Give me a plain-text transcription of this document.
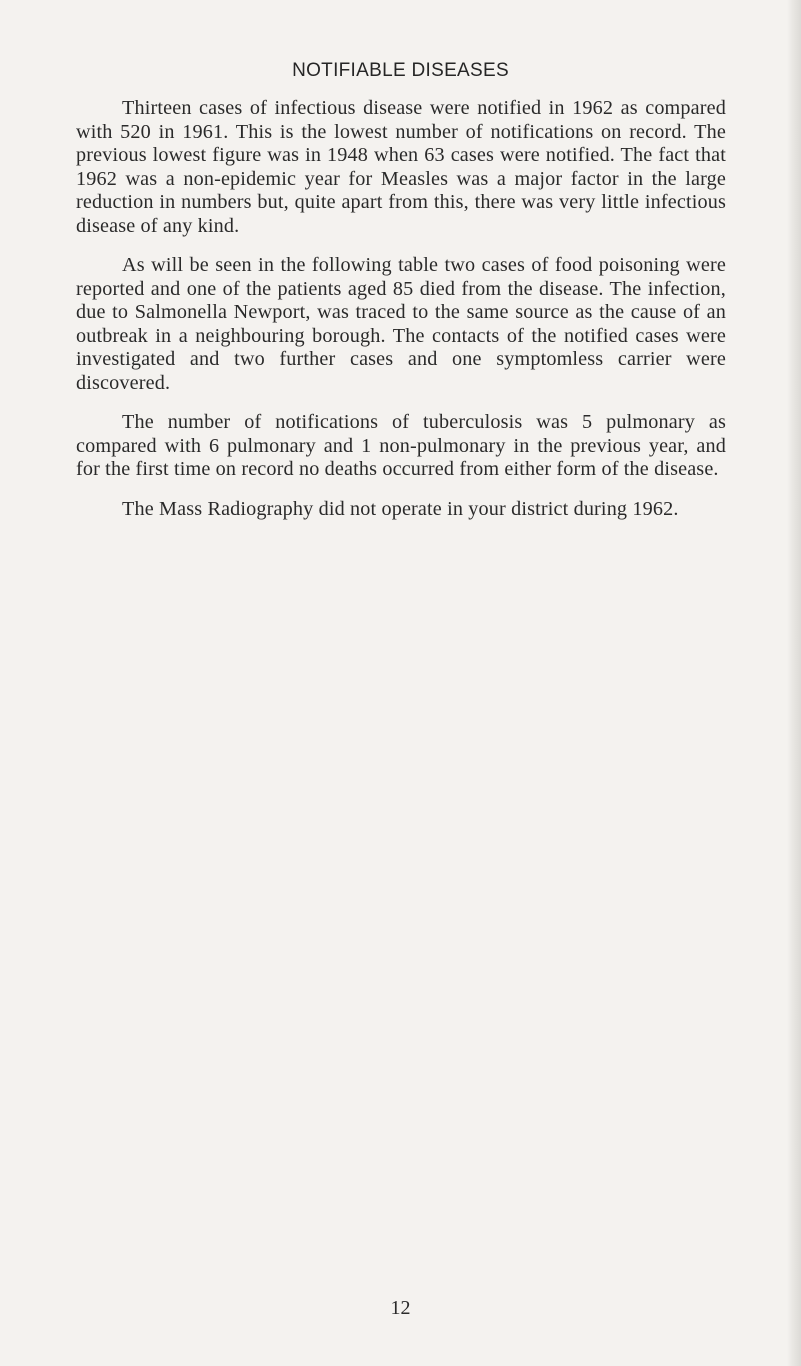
NOTIFIABLE DISEASES

Thirteen cases of infectious disease were notified in 1962 as compared with 520 in 1961. This is the lowest number of notifications on record. The previous lowest figure was in 1948 when 63 cases were notified. The fact that 1962 was a non-epidemic year for Measles was a major factor in the large reduction in numbers but, quite apart from this, there was very little infectious disease of any kind.

As will be seen in the following table two cases of food poisoning were reported and one of the patients aged 85 died from the disease. The infection, due to Salmonella Newport, was traced to the same source as the cause of an outbreak in a neighbouring borough. The contacts of the notified cases were investigated and two further cases and one symptomless carrier were discovered.

The number of notifications of tuberculosis was 5 pulmonary as compared with 6 pulmonary and 1 non-pulmonary in the previous year, and for the first time on record no deaths occurred from either form of the disease.

The Mass Radiography did not operate in your district during 1962.

12
